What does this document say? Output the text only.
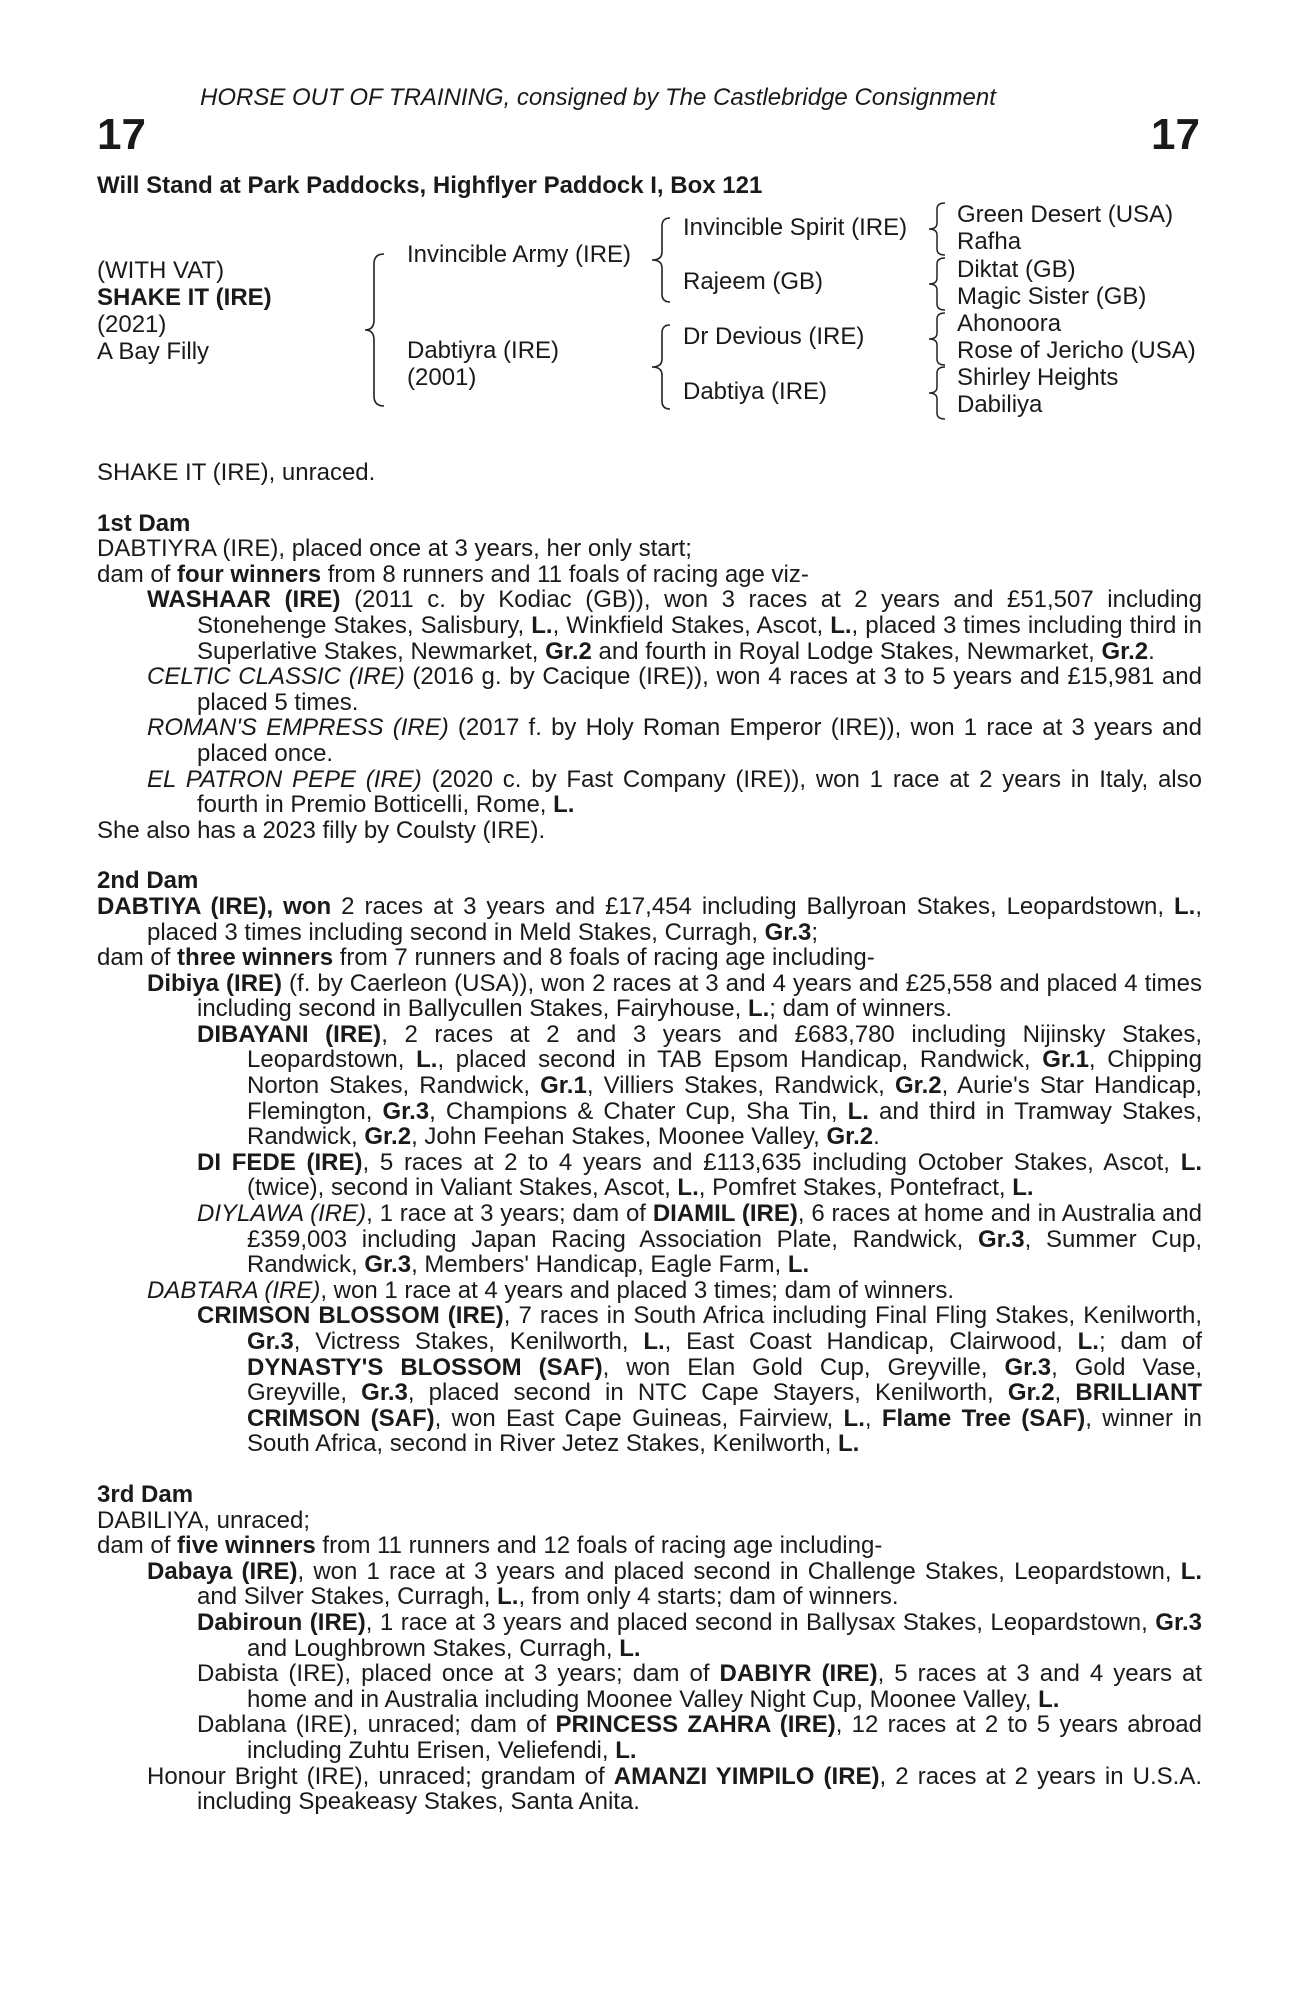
HORSE OUT OF TRAINING, consigned by The Castlebridge Consignment
17	17
Will Stand at Park Paddocks, Highflyer Paddock I, Box 121
(WITH VAT)
SHAKE IT (IRE)
(2021)
A Bay Filly
Invincible Army (IRE)
Dabtiyra (IRE)
(2001)
Invincible Spirit (IRE)
Rajeem (GB)
Dr Devious (IRE)
Dabtiya (IRE)
Green Desert (USA)
Rafha
Diktat (GB)
Magic Sister (GB)
Ahonoora
Rose of Jericho (USA)
Shirley Heights
Dabiliya

SHAKE IT (IRE), unraced.

1st Dam

DABTIYRA (IRE), placed once at 3 years, her only start;

dam of four winners from 8 runners and 11 foals of racing age viz-

WASHAAR (IRE) (2011 c. by Kodiac (GB)), won 3 races at 2 years and £51,507 including Stonehenge Stakes, Salisbury, L., Winkfield Stakes, Ascot, L., placed 3 times including third in Superlative Stakes, Newmarket, Gr.2 and fourth in Royal Lodge Stakes, Newmarket, Gr.2.

CELTIC CLASSIC (IRE) (2016 g. by Cacique (IRE)), won 4 races at 3 to 5 years and £15,981 and placed 5 times.

ROMAN'S EMPRESS (IRE) (2017 f. by Holy Roman Emperor (IRE)), won 1 race at 3 years and placed once.

EL PATRON PEPE (IRE) (2020 c. by Fast Company (IRE)), won 1 race at 2 years in Italy, also fourth in Premio Botticelli, Rome, L.

She also has a 2023 filly by Coulsty (IRE).

2nd Dam

DABTIYA (IRE), won 2 races at 3 years and £17,454 including Ballyroan Stakes, Leopardstown, L., placed 3 times including second in Meld Stakes, Curragh, Gr.3;

dam of three winners from 7 runners and 8 foals of racing age including-

Dibiya (IRE) (f. by Caerleon (USA)), won 2 races at 3 and 4 years and £25,558 and placed 4 times including second in Ballycullen Stakes, Fairyhouse, L.; dam of winners.

DIBAYANI (IRE), 2 races at 2 and 3 years and £683,780 including Nijinsky Stakes, Leopardstown, L., placed second in TAB Epsom Handicap, Randwick, Gr.1, Chipping Norton Stakes, Randwick, Gr.1, Villiers Stakes, Randwick, Gr.2, Aurie's Star Handicap, Flemington, Gr.3, Champions & Chater Cup, Sha Tin, L. and third in Tramway Stakes, Randwick, Gr.2, John Feehan Stakes, Moonee Valley, Gr.2.

DI FEDE (IRE), 5 races at 2 to 4 years and £113,635 including October Stakes, Ascot, L. (twice), second in Valiant Stakes, Ascot, L., Pomfret Stakes, Pontefract, L.

DIYLAWA (IRE), 1 race at 3 years; dam of DIAMIL (IRE), 6 races at home and in Australia and £359,003 including Japan Racing Association Plate, Randwick, Gr.3, Summer Cup, Randwick, Gr.3, Members' Handicap, Eagle Farm, L.

DABTARA (IRE), won 1 race at 4 years and placed 3 times; dam of winners.

CRIMSON BLOSSOM (IRE), 7 races in South Africa including Final Fling Stakes, Kenilworth, Gr.3, Victress Stakes, Kenilworth, L., East Coast Handicap, Clairwood, L.; dam of DYNASTY'S BLOSSOM (SAF), won Elan Gold Cup, Greyville, Gr.3, Gold Vase, Greyville, Gr.3, placed second in NTC Cape Stayers, Kenilworth, Gr.2, BRILLIANT CRIMSON (SAF), won East Cape Guineas, Fairview, L., Flame Tree (SAF), winner in South Africa, second in River Jetez Stakes, Kenilworth, L.

3rd Dam

DABILIYA, unraced;

dam of five winners from 11 runners and 12 foals of racing age including-

Dabaya (IRE), won 1 race at 3 years and placed second in Challenge Stakes, Leopardstown, L. and Silver Stakes, Curragh, L., from only 4 starts; dam of winners.

Dabiroun (IRE), 1 race at 3 years and placed second in Ballysax Stakes, Leopardstown, Gr.3 and Loughbrown Stakes, Curragh, L.

Dabista (IRE), placed once at 3 years; dam of DABIYR (IRE), 5 races at 3 and 4 years at home and in Australia including Moonee Valley Night Cup, Moonee Valley, L.

Dablana (IRE), unraced; dam of PRINCESS ZAHRA (IRE), 12 races at 2 to 5 years abroad including Zuhtu Erisen, Veliefendi, L.

Honour Bright (IRE), unraced; grandam of AMANZI YIMPILO (IRE), 2 races at 2 years in U.S.A. including Speakeasy Stakes, Santa Anita.
